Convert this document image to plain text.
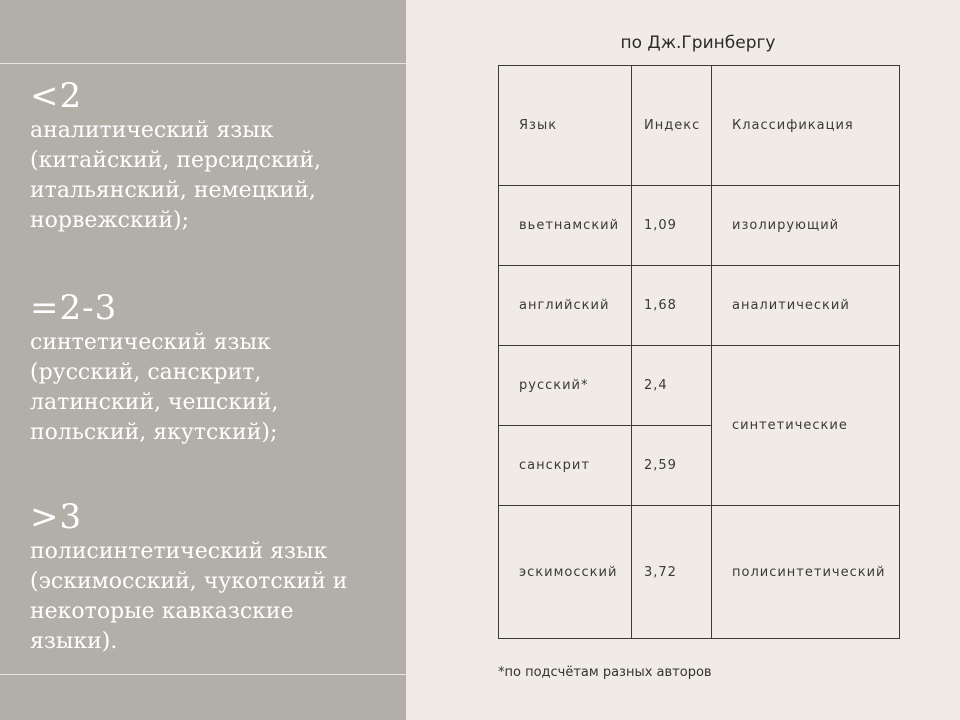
<2
аналитический язык
(китайский, персидский,
итальянский, немецкий,
норвежский);
=2-3
синтетический язык
(русский, санскрит,
латинский, чешский,
польский, якутский);
>3
полисинтетический язык
(эскимосский, чукотский и
некоторые кавказские
языки).
по Дж.Гринбергу
Язык	Индекс	Классификация
вьетнамский	1,09	изолирующий
английский	1,68	аналитический
русский*	2,4	синтетические
санскрит	2,59	
эскимосский	3,72	полисинтетический
*по подсчётам разных авторов
